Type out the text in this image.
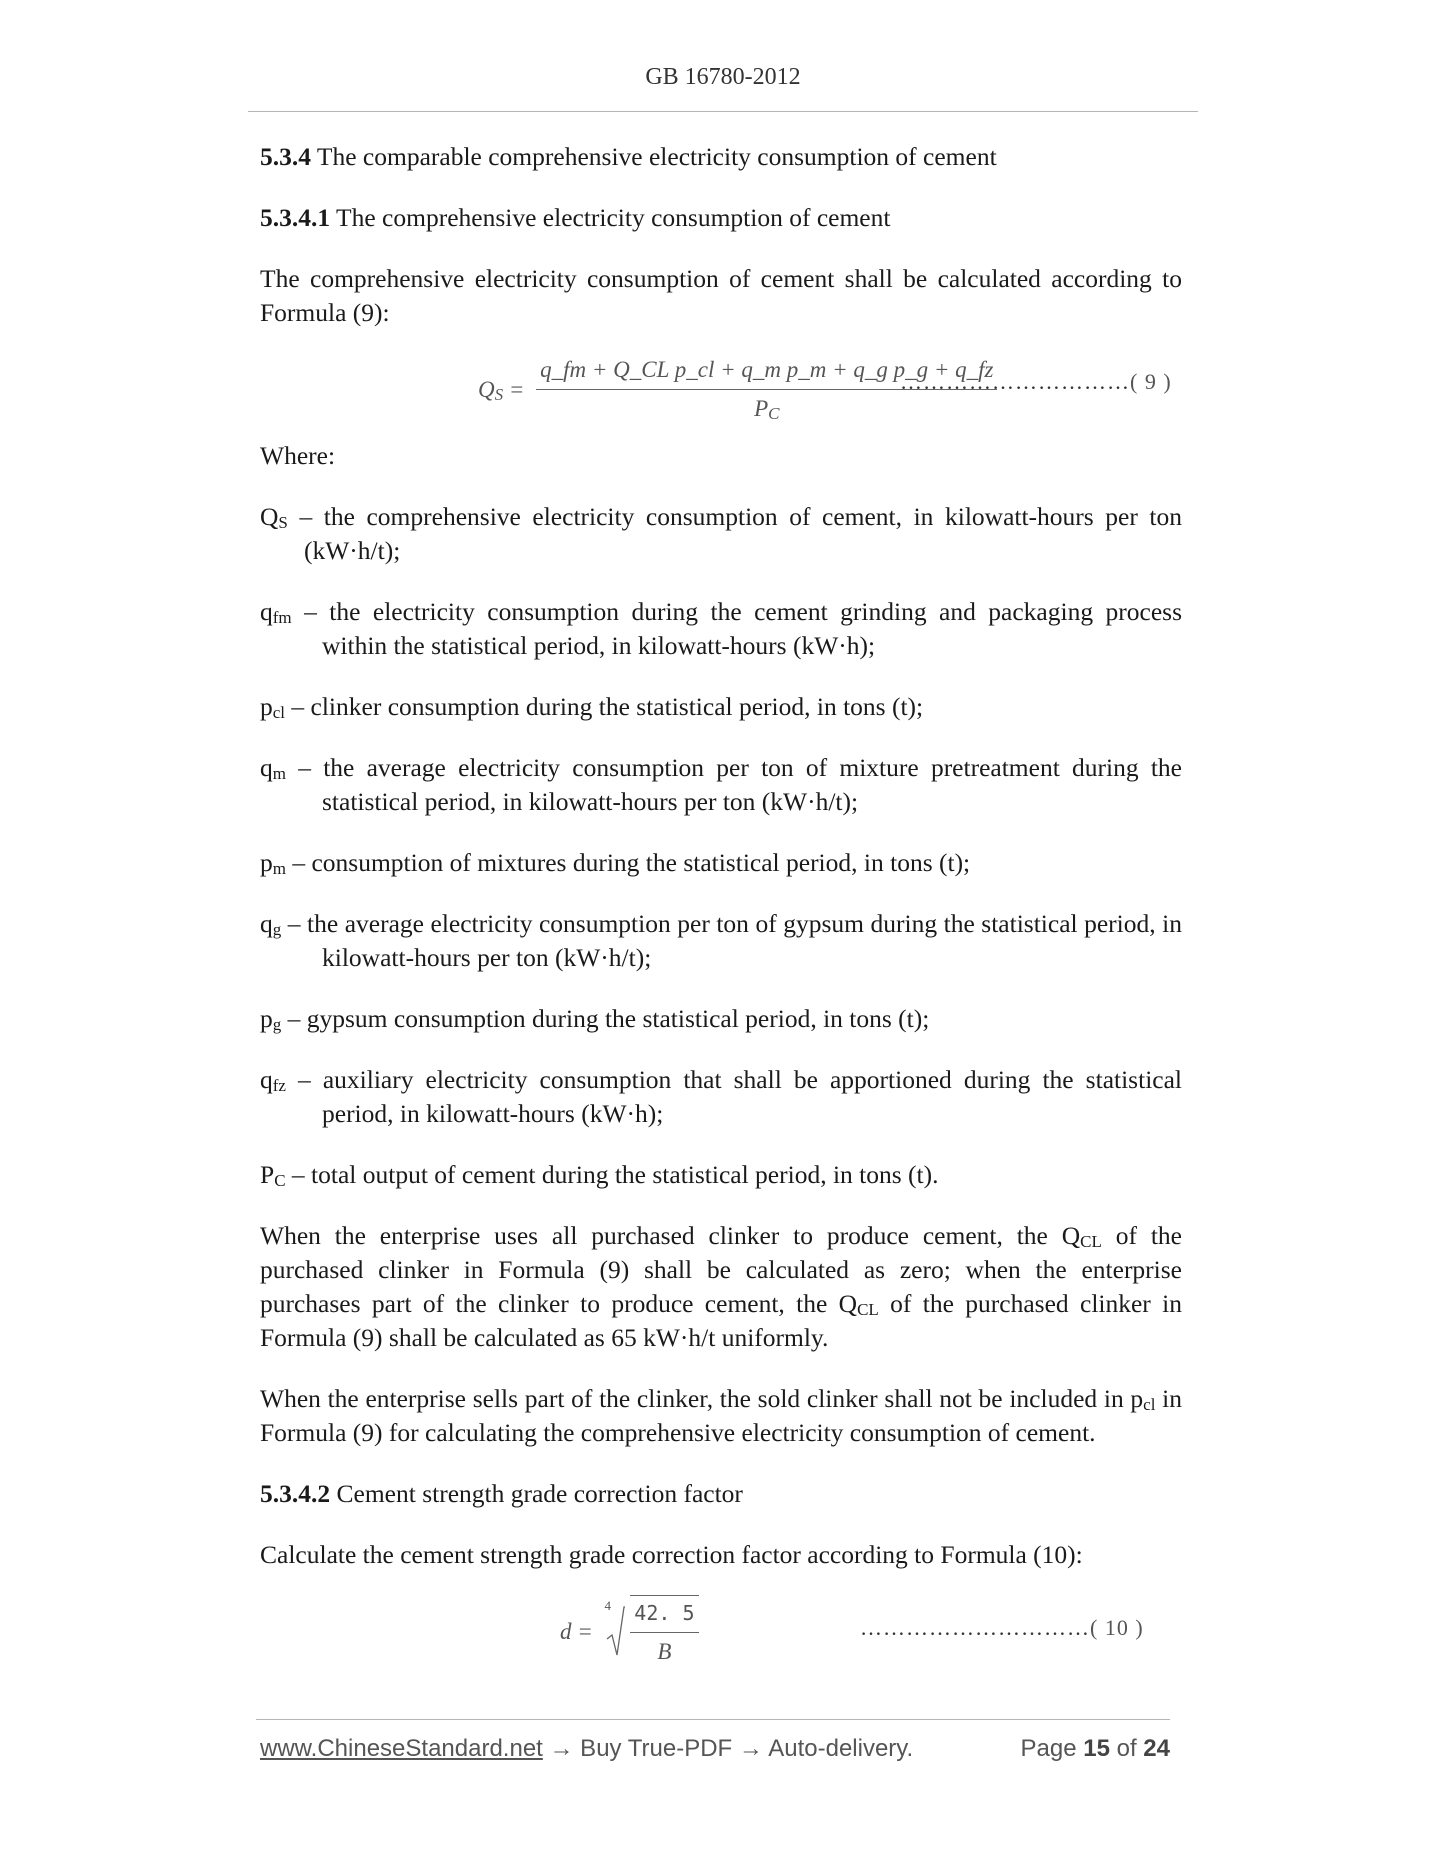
GB 16780-2012

5.3.4 The comparable comprehensive electricity consumption of cement

5.3.4.1 The comprehensive electricity consumption of cement

The comprehensive electricity consumption of cement shall be calculated according to Formula (9):

$Q_S = \frac{\text{q\_fm + Q\_CL p\_cl + q\_m p\_m + q\_g p\_g + q\_fz}}{P_C}$
…………………………( 9 )

Where:

$Q_S$ – the comprehensive electricity consumption of cement, in kilowatt-hours per ton (kW·h/t);

$q_{fm}$ – the electricity consumption during the cement grinding and packaging process within the statistical period, in kilowatt-hours (kW·h);

$p_{cl}$ – clinker consumption during the statistical period, in tons (t);

$q_m$ – the average electricity consumption per ton of mixture pretreatment during the statistical period, in kilowatt-hours per ton (kW·h/t);

$p_m$ – consumption of mixtures during the statistical period, in tons (t);

$q_g$ – the average electricity consumption per ton of gypsum during the statistical period, in kilowatt-hours per ton (kW·h/t);

$p_g$ – gypsum consumption during the statistical period, in tons (t);

$q_{fz}$ – auxiliary electricity consumption that shall be apportioned during the statistical period, in kilowatt-hours (kW·h);

$P_C$ – total output of cement during the statistical period, in tons (t).

When the enterprise uses all purchased clinker to produce cement, the $Q_{CL}$ of the purchased clinker in Formula (9) shall be calculated as zero; when the enterprise purchases part of the clinker to produce cement, the $Q_{CL}$ of the purchased clinker in Formula (9) shall be calculated as 65 kW·h/t uniformly.

When the enterprise sells part of the clinker, the sold clinker shall not be included in $p_{cl}$ in Formula (9) for calculating the comprehensive electricity consumption of cement.

5.3.4.2 Cement strength grade correction factor

Calculate the cement strength grade correction factor according to Formula (10):

d =
4
$\frac{42. 5}{B}$	…………………………( 10 )
www.ChineseStandard.net → Buy True-PDF → Auto-delivery.	Page 15 of 24
